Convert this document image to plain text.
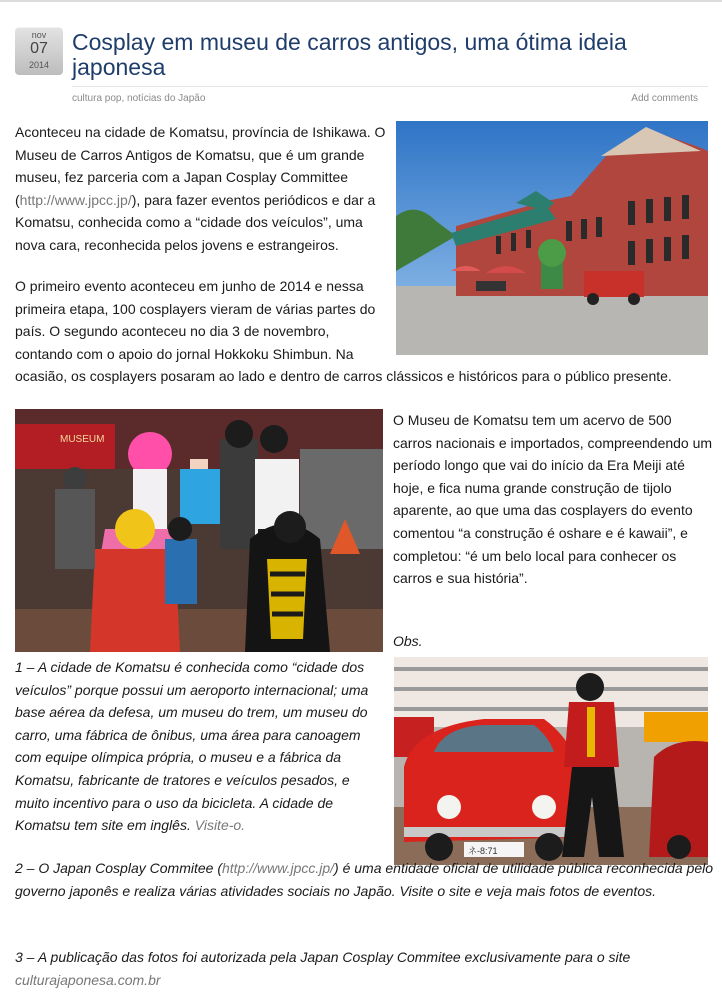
nov
07
2014
Cosplay em museu de carros antigos, uma ótima ideia japonesa
cultura pop, notícias do Japão	Add comments

Aconteceu na cidade de Komatsu, província de Ishikawa. O Museu de Carros Antigos de Komatsu, que é um grande museu, fez parceria com a Japan Cosplay Committee (http://www.jpcc.jp/), para fazer eventos periódicos e dar a Komatsu, conhecida como a “cidade dos veículos”, uma nova cara, reconhecida pelos jovens e estrangeiros.

O primeiro evento aconteceu em junho de 2014 e nessa primeira etapa, 100 cosplayers vieram de várias partes do país. O segundo aconteceu no dia 3 de novembro, contando com o apoio do jornal Hokkoku Shimbun. Na

ocasião, os cosplayers posaram ao lado e dentro de carros clássicos e históricos para o público presente.

MUSEUM

O Museu de Komatsu tem um acervo de 500 carros nacionais e importados, compreendendo um período longo que vai do início da Era Meiji até hoje, e fica numa grande construção de tijolo aparente, ao que uma das cosplayers do evento comentou “a construção é oshare e é kawaii”, e completou: “é um belo local para conhecer os carros e sua história”.

Obs.

1 – A cidade de Komatsu é conhecida como “cidade dos veículos” porque possui um aeroporto internacional; uma base aérea da defesa, um museu do trem, um museu do carro, uma fábrica de ônibus, uma área para canoagem com equipe olímpica própria, o museu e a fábrica da Komatsu, fabricante de tratores e veículos pesados, e muito incentivo para o uso da bicicleta. A cidade de Komatsu tem site em inglês. Visite-o.

ネ-8:71

2 – O Japan Cosplay Commitee (http://www.jpcc.jp/) é uma entidade oficial de utilidade pública reconhecida pelo governo japonês e realiza várias atividades sociais no Japão. Visite o site e veja mais fotos de eventos.

3 – A publicação das fotos foi autorizada pela Japan Cosplay Commitee exclusivamente para o site
culturajaponesa.com.br
